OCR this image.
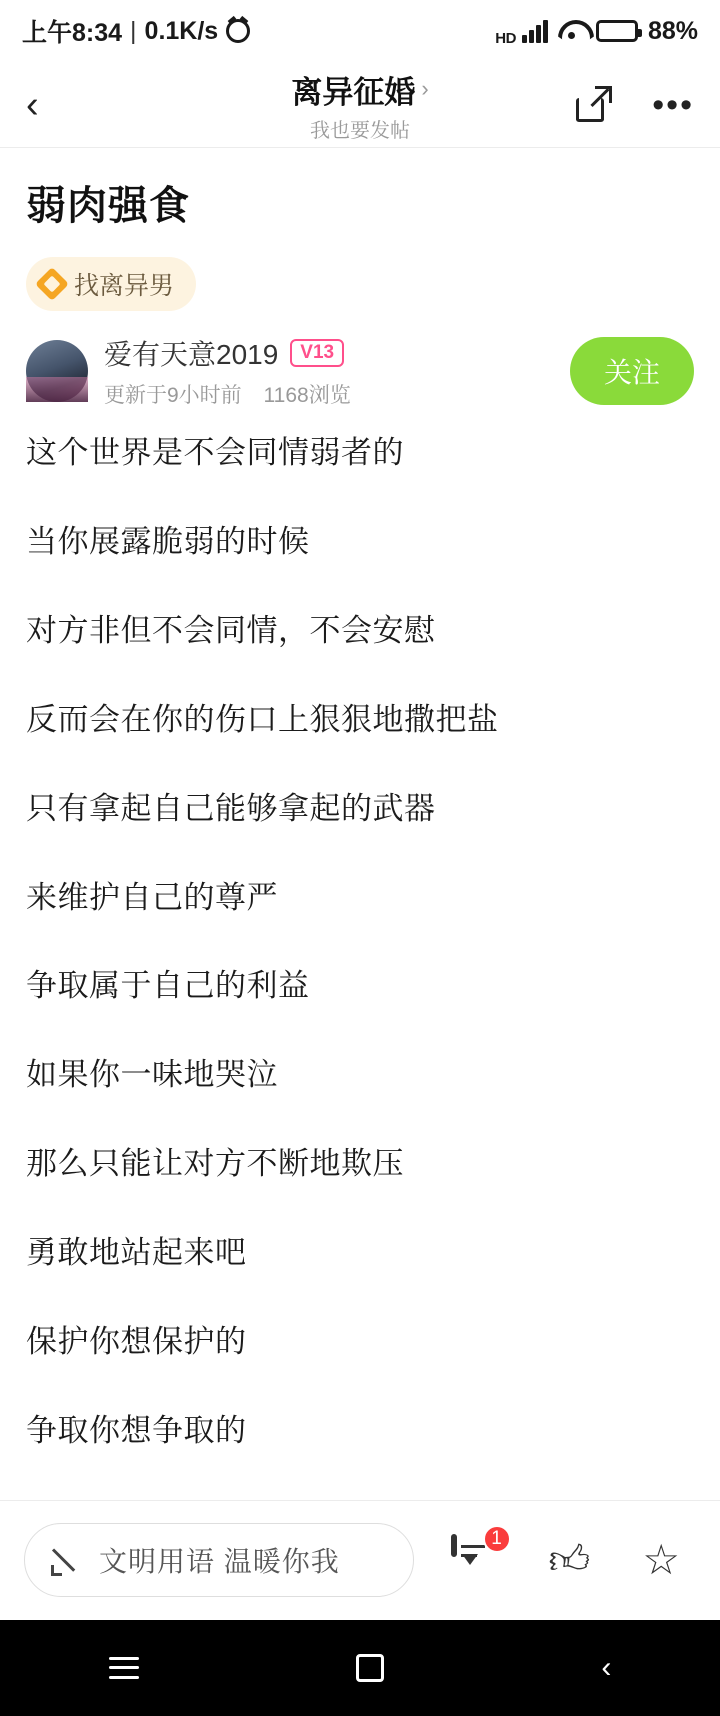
上午8:34 | 0.1K/s	HD	88%
‹	离异征婚 ›
我也要发帖
•••
弱肉强食
找离异男
爱有天意2019	V13
更新于9小时前 1168浏览
关注

这个世界是不会同情弱者的

当你展露脆弱的时候

对方非但不会同情，不会安慰

反而会在你的伤口上狠狠地撒把盐

只有拿起自己能够拿起的武器

来维护自己的尊严

争取属于自己的利益

如果你一味地哭泣

那么只能让对方不断地欺压

勇敢地站起来吧

保护你想保护的

争取你想争取的

文明用语 温暖你我
1 👍︎ ☆
‹
